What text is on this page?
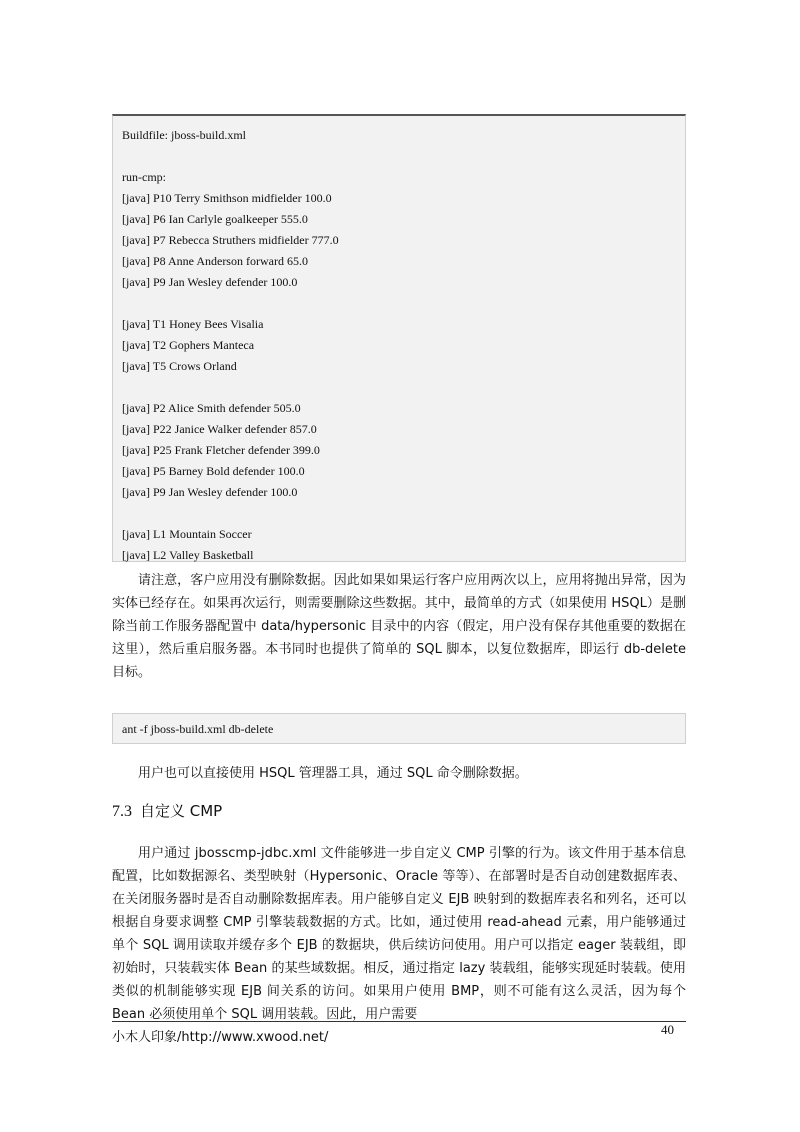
Buildfile: jboss-build.xml
run-cmp:
[java] P10 Terry Smithson midfielder 100.0
[java] P6 Ian Carlyle goalkeeper 555.0
[java] P7 Rebecca Struthers midfielder 777.0
[java] P8 Anne Anderson forward 65.0
[java] P9 Jan Wesley defender 100.0
[java] T1 Honey Bees Visalia
[java] T2 Gophers Manteca
[java] T5 Crows Orland
[java] P2 Alice Smith defender 505.0
[java] P22 Janice Walker defender 857.0
[java] P25 Frank Fletcher defender 399.0
[java] P5 Barney Bold defender 100.0
[java] P9 Jan Wesley defender 100.0
[java] L1 Mountain Soccer
[java] L2 Valley Basketball

请注意，客户应用没有删除数据。因此如果如果运行客户应用两次以上，应用将抛出异常，因为实体已经存在。如果再次运行，则需要删除这些数据。其中，最简单的方式（如果使用 HSQL）是删除当前工作服务器配置中 data/hypersonic 目录中的内容（假定，用户没有保存其他重要的数据在这里），然后重启服务器。本书同时也提供了简单的 SQL 脚本，以复位数据库，即运行 db-delete 目标。

ant -f jboss-build.xml db-delete

用户也可以直接使用 HSQL 管理器工具，通过 SQL 命令删除数据。

7.3 自定义 CMP

用户通过 jbosscmp-jdbc.xml 文件能够进一步自定义 CMP 引擎的行为。该文件用于基本信息配置，比如数据源名、类型映射（Hypersonic、Oracle 等等）、在部署时是否自动创建数据库表、在关闭服务器时是否自动删除数据库表。用户能够自定义 EJB 映射到的数据库表名和列名，还可以根据自身要求调整 CMP 引擎装载数据的方式。比如，通过使用 read-ahead 元素，用户能够通过单个 SQL 调用读取并缓存多个 EJB 的数据块，供后续访问使用。用户可以指定 eager 装载组，即初始时，只装载实体 Bean 的某些域数据。相反，通过指定 lazy 装载组，能够实现延时装载。使用类似的机制能够实现 EJB 间关系的访问。如果用户使用 BMP，则不可能有这么灵活，因为每个 Bean 必须使用单个 SQL 调用装载。因此，用户需要

小木人印象/http://www.xwood.net/
40
